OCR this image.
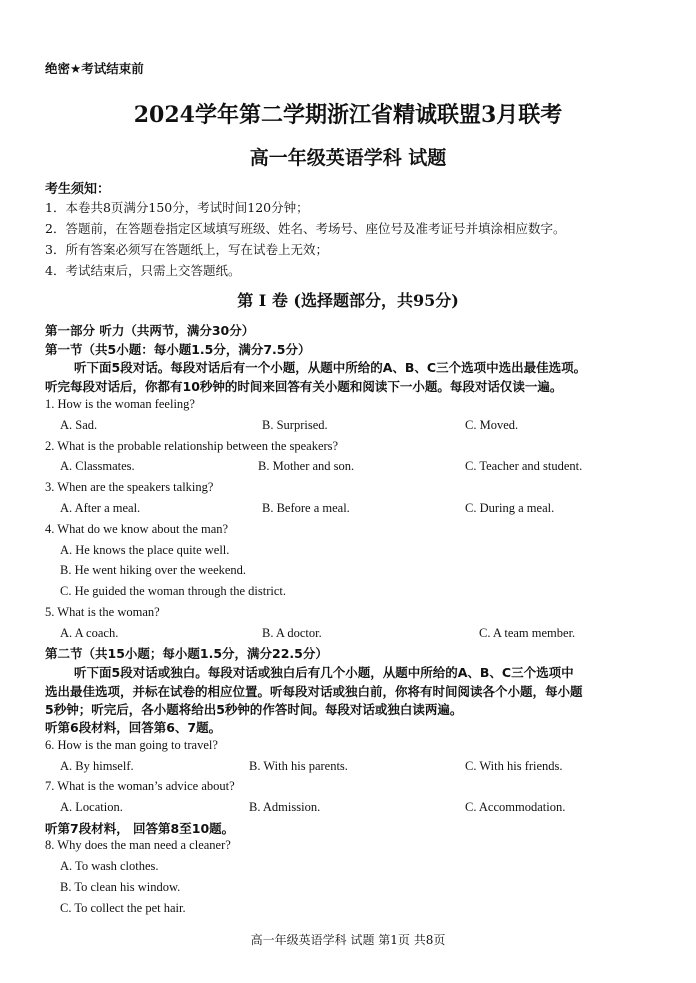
绝密★考试结束前
2024学年第二学期浙江省精诚联盟3月联考
高一年级英语学科 试题
考生须知：
1．本卷共8页满分150分，考试时间120分钟；
2．答题前，在答题卷指定区域填写班级、姓名、考场号、座位号及准考证号并填涂相应数字。
3．所有答案必须写在答题纸上，写在试卷上无效；
4．考试结束后，只需上交答题纸。
第 I 卷 (选择题部分，共95分)
第一部分 听力（共两节，满分30分）
第一节（共5小题：每小题1.5分，满分7.5分）
听下面5段对话。每段对话后有一个小题，从题中所给的A、B、C三个选项中选出最佳选项。
听完每段对话后，你都有10秒钟的时间来回答有关小题和阅读下一小题。每段对话仅读一遍。
1. How is the woman feeling?
A. Sad.	B. Surprised.	C. Moved.
2. What is the probable relationship between the speakers?
A. Classmates.	B. Mother and son.	C. Teacher and student.
3. When are the speakers talking?
A. After a meal.	B. Before a meal.	C. During a meal.
4. What do we know about the man?
A. He knows the place quite well.
B. He went hiking over the weekend.
C. He guided the woman through the district.
5. What is the woman?
A. A coach.	B. A doctor.	C. A team member.
第二节（共15小题；每小题1.5分，满分22.5分）
听下面5段对话或独白。每段对话或独白后有几个小题，从题中所给的A、B、C三个选项中
选出最佳选项，并标在试卷的相应位置。听每段对话或独白前，你将有时间阅读各个小题，每小题
5秒钟；听完后，各小题将给出5秒钟的作答时间。每段对话或独白读两遍。
听第6段材料，回答第6、7题。
6. How is the man going to travel?
A. By himself.	B. With his parents.	C. With his friends.
7. What is the woman’s advice about?
A. Location.	B. Admission.	C. Accommodation.
听第7段材料， 回答第8至10题。
8. Why does the man need a cleaner?
A. To wash clothes.
B. To clean his window.
C. To collect the pet hair.
高一年级英语学科 试题 第1页 共8页
